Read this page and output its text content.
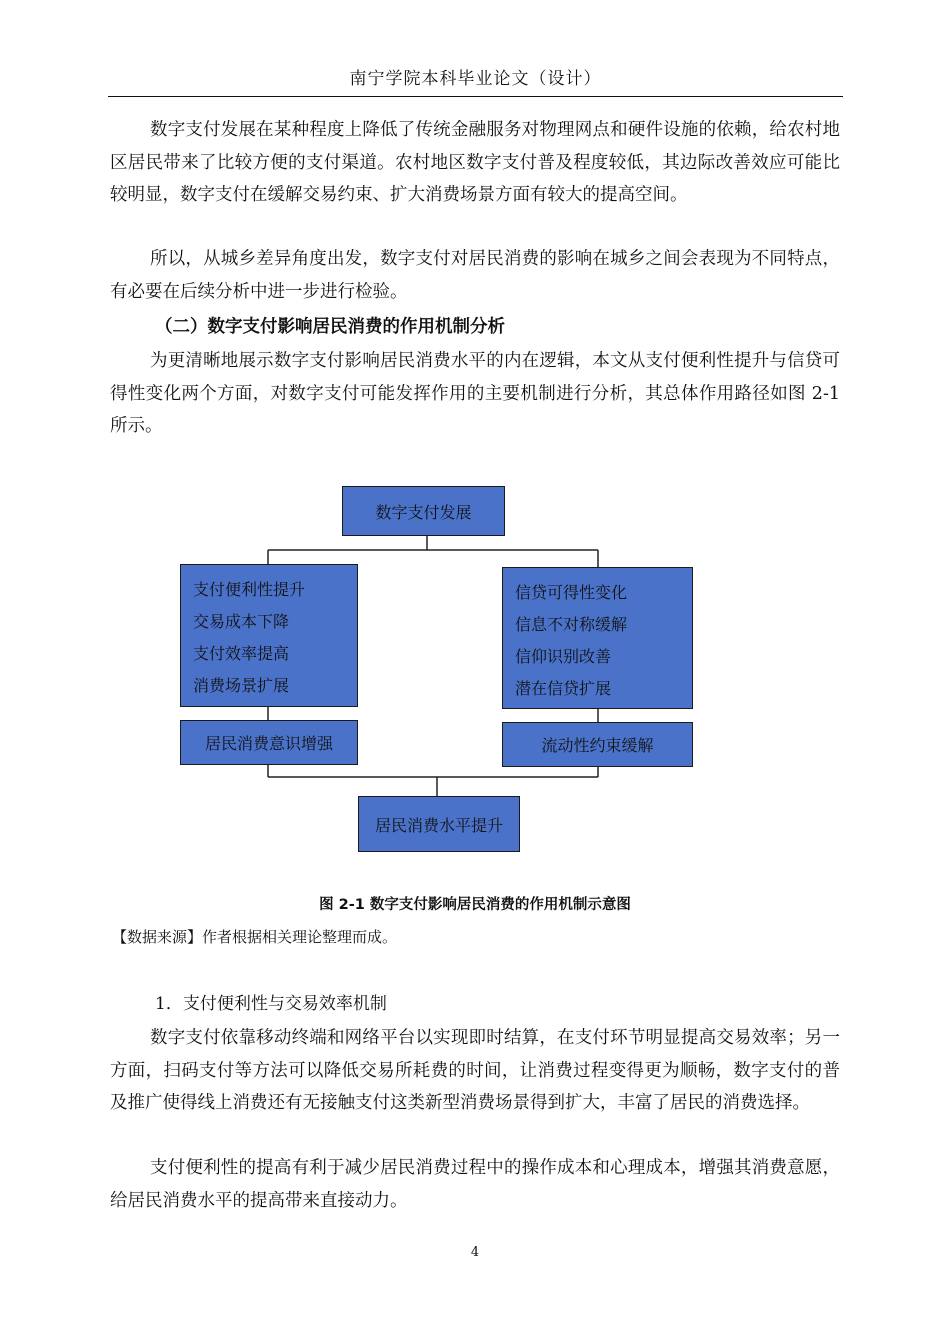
南宁学院本科毕业论文（设计）

数字支付发展在某种程度上降低了传统金融服务对物理网点和硬件设施的依赖，给农村地区居民带来了比较方便的支付渠道。农村地区数字支付普及程度较低，其边际改善效应可能比较明显，数字支付在缓解交易约束、扩大消费场景方面有较大的提高空间。

所以，从城乡差异角度出发，数字支付对居民消费的影响在城乡之间会表现为不同特点，有必要在后续分析中进一步进行检验。

（二）数字支付影响居民消费的作用机制分析

为更清晰地展示数字支付影响居民消费水平的内在逻辑，本文从支付便利性提升与信贷可得性变化两个方面，对数字支付可能发挥作用的主要机制进行分析，其总体作用路径如图 2-1 所示。

数字支付发展
支付便利性提升
交易成本下降
支付效率提高
消费场景扩展
信贷可得性变化
信息不对称缓解
信仰识别改善
潜在信贷扩展
居民消费意识增强	流动性约束缓解
居民消费水平提升
图 2-1 数字支付影响居民消费的作用机制示意图
【数据来源】作者根据相关理论整理而成。

1．支付便利性与交易效率机制

数字支付依靠移动终端和网络平台以实现即时结算，在支付环节明显提高交易效率；另一方面，扫码支付等方法可以降低交易所耗费的时间，让消费过程变得更为顺畅，数字支付的普及推广使得线上消费还有无接触支付这类新型消费场景得到扩大，丰富了居民的消费选择。

支付便利性的提高有利于减少居民消费过程中的操作成本和心理成本，增强其消费意愿，给居民消费水平的提高带来直接动力。

4
